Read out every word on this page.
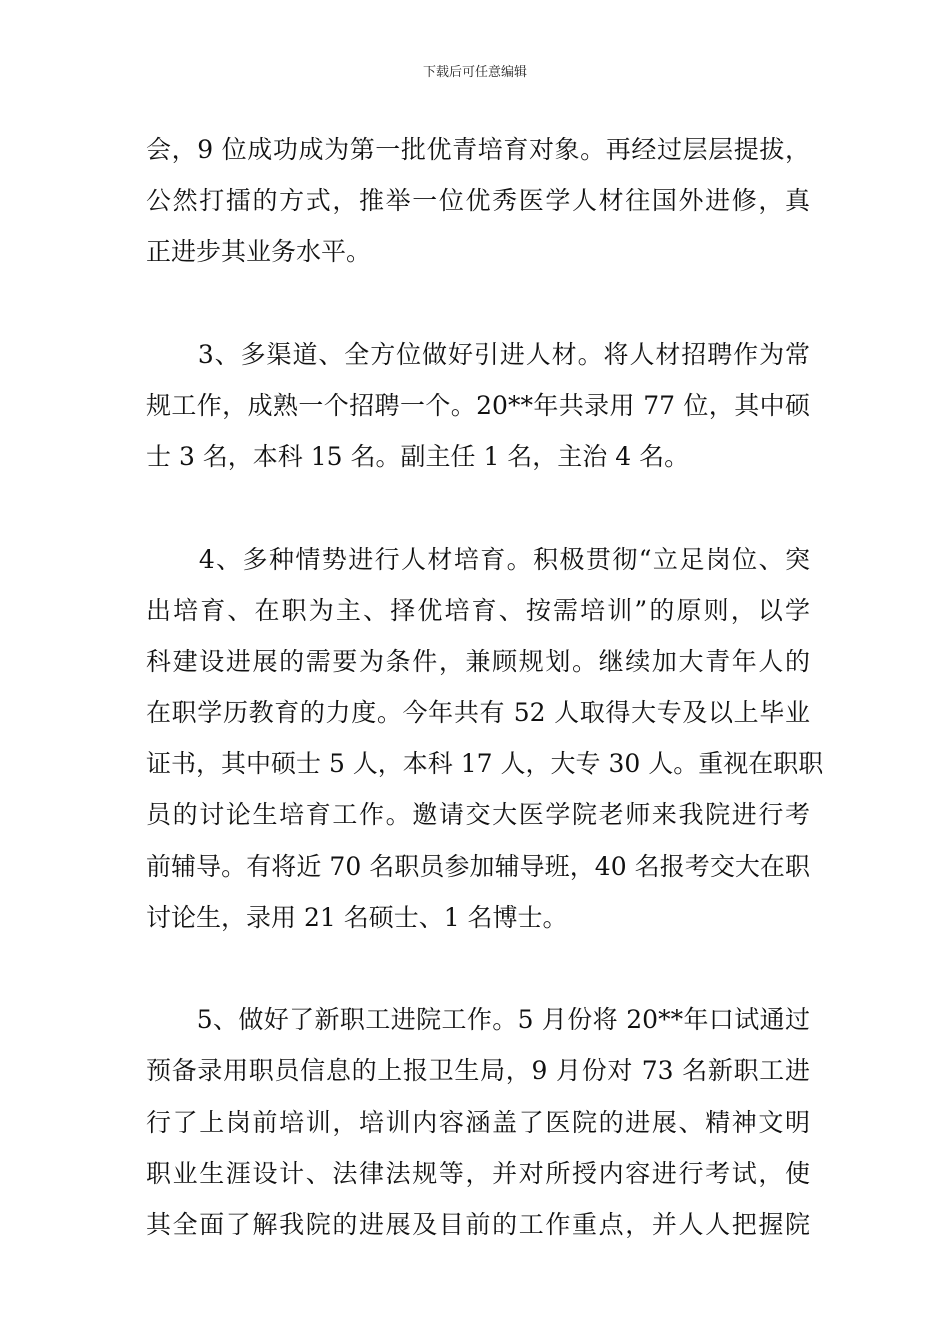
下载后可任意编辑
会，9 位成功成为第一批优青培育对象。再经过层层提拔，
公然打擂的方式，推举一位优秀医学人材往国外进修，真
正进步其业务水平。
　　3、多渠道、全方位做好引进人材。将人材招聘作为常
规工作，成熟一个招聘一个。20**年共录用 77 位，其中硕
士 3 名，本科 15 名。副主任 1 名，主治 4 名。
　　4、多种情势进行人材培育。积极贯彻“立足岗位、突
出培育、在职为主、择优培育、按需培训”的原则，以学
科建设进展的需要为条件，兼顾规划。继续加大青年人的
在职学历教育的力度。今年共有 52 人取得大专及以上毕业
证书，其中硕士 5 人，本科 17 人，大专 30 人。重视在职职
员的讨论生培育工作。邀请交大医学院老师来我院进行考
前辅导。有将近 70 名职员参加辅导班，40 名报考交大在职
讨论生，录用 21 名硕士、1 名博士。
　　5、做好了新职工进院工作。5 月份将 20**年口试通过
预备录用职员信息的上报卫生局，9 月份对 73 名新职工进
行了上岗前培训，培训内容涵盖了医院的进展、精神文明
职业生涯设计、法律法规等，并对所授内容进行考试，使
其全面了解我院的进展及目前的工作重点，并人人把握院
